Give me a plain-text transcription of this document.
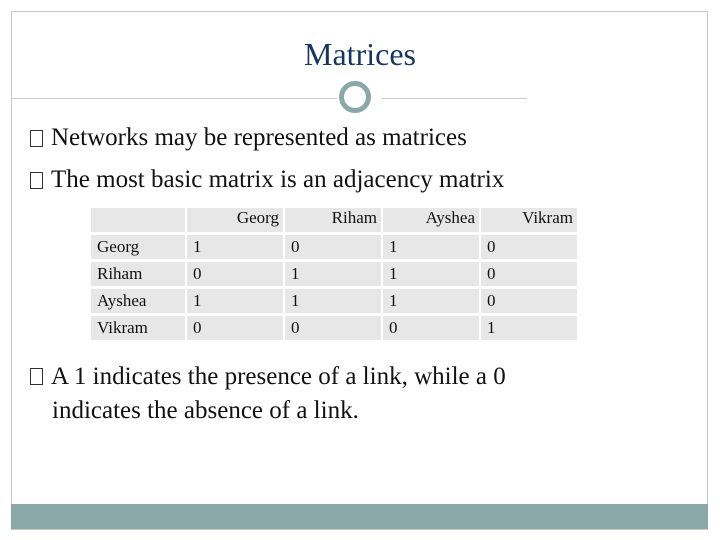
Matrices
Networks may be represented as matrices
The most basic matrix is an adjacency matrix
	Georg	Riham	Ayshea	Vikram
Georg	1	0	1	0
Riham	0	1	1	0
Ayshea	1	1	1	0
Vikram	0	0	0	1
A 1 indicates the presence of a link, while a 0
indicates the absence of a link.
